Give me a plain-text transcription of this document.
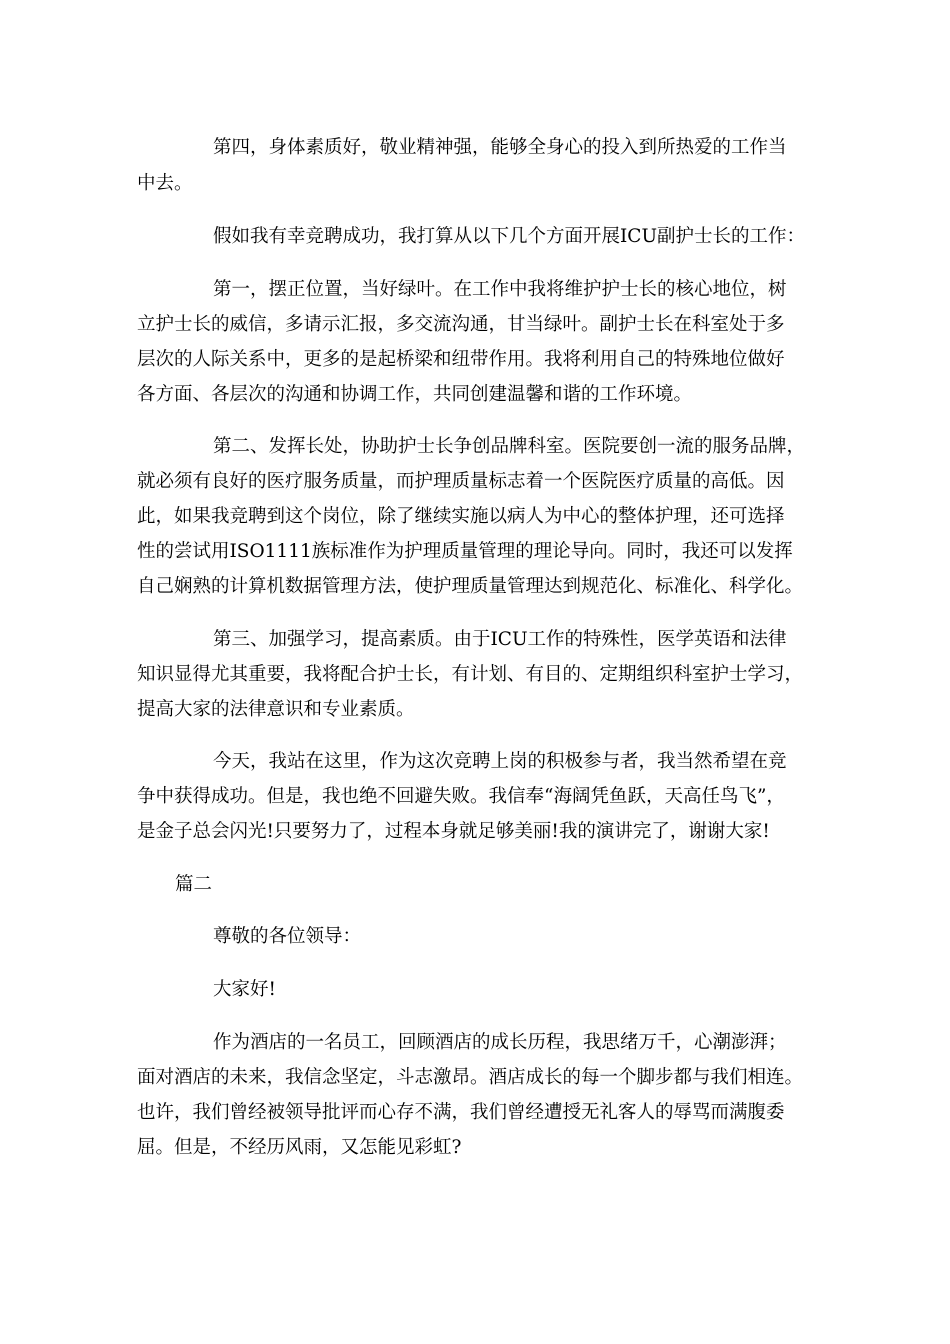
第四，身体素质好，敬业精神强，能够全身心的投入到所热爱的工作当
中去。
假如我有幸竞聘成功，我打算从以下几个方面开展ICU副护士长的工作：
第一，摆正位置，当好绿叶。在工作中我将维护护士长的核心地位，树
立护士长的威信，多请示汇报，多交流沟通，甘当绿叶。副护士长在科室处于多
层次的人际关系中，更多的是起桥梁和纽带作用。我将利用自己的特殊地位做好
各方面、各层次的沟通和协调工作，共同创建温馨和谐的工作环境。
第二、发挥长处，协助护士长争创品牌科室。医院要创一流的服务品牌，
就必须有良好的医疗服务质量，而护理质量标志着一个医院医疗质量的高低。因
此，如果我竞聘到这个岗位，除了继续实施以病人为中心的整体护理，还可选择
性的尝试用ISO1111族标准作为护理质量管理的理论导向。同时，我还可以发挥
自己娴熟的计算机数据管理方法，使护理质量管理达到规范化、标准化、科学化。
第三、加强学习，提高素质。由于ICU工作的特殊性，医学英语和法律
知识显得尤其重要，我将配合护士长，有计划、有目的、定期组织科室护士学习，
提高大家的法律意识和专业素质。
今天，我站在这里，作为这次竞聘上岗的积极参与者，我当然希望在竞
争中获得成功。但是，我也绝不回避失败。我信奉“海阔凭鱼跃，天高任鸟飞”，
是金子总会闪光!只要努力了，过程本身就足够美丽!我的演讲完了，谢谢大家!
篇二
尊敬的各位领导：
大家好!
作为酒店的一名员工，回顾酒店的成长历程，我思绪万千，心潮澎湃；
面对酒店的未来，我信念坚定，斗志激昂。酒店成长的每一个脚步都与我们相连。
也许，我们曾经被领导批评而心存不满，我们曾经遭授无礼客人的辱骂而满腹委
屈。但是，不经历风雨，又怎能见彩虹?
